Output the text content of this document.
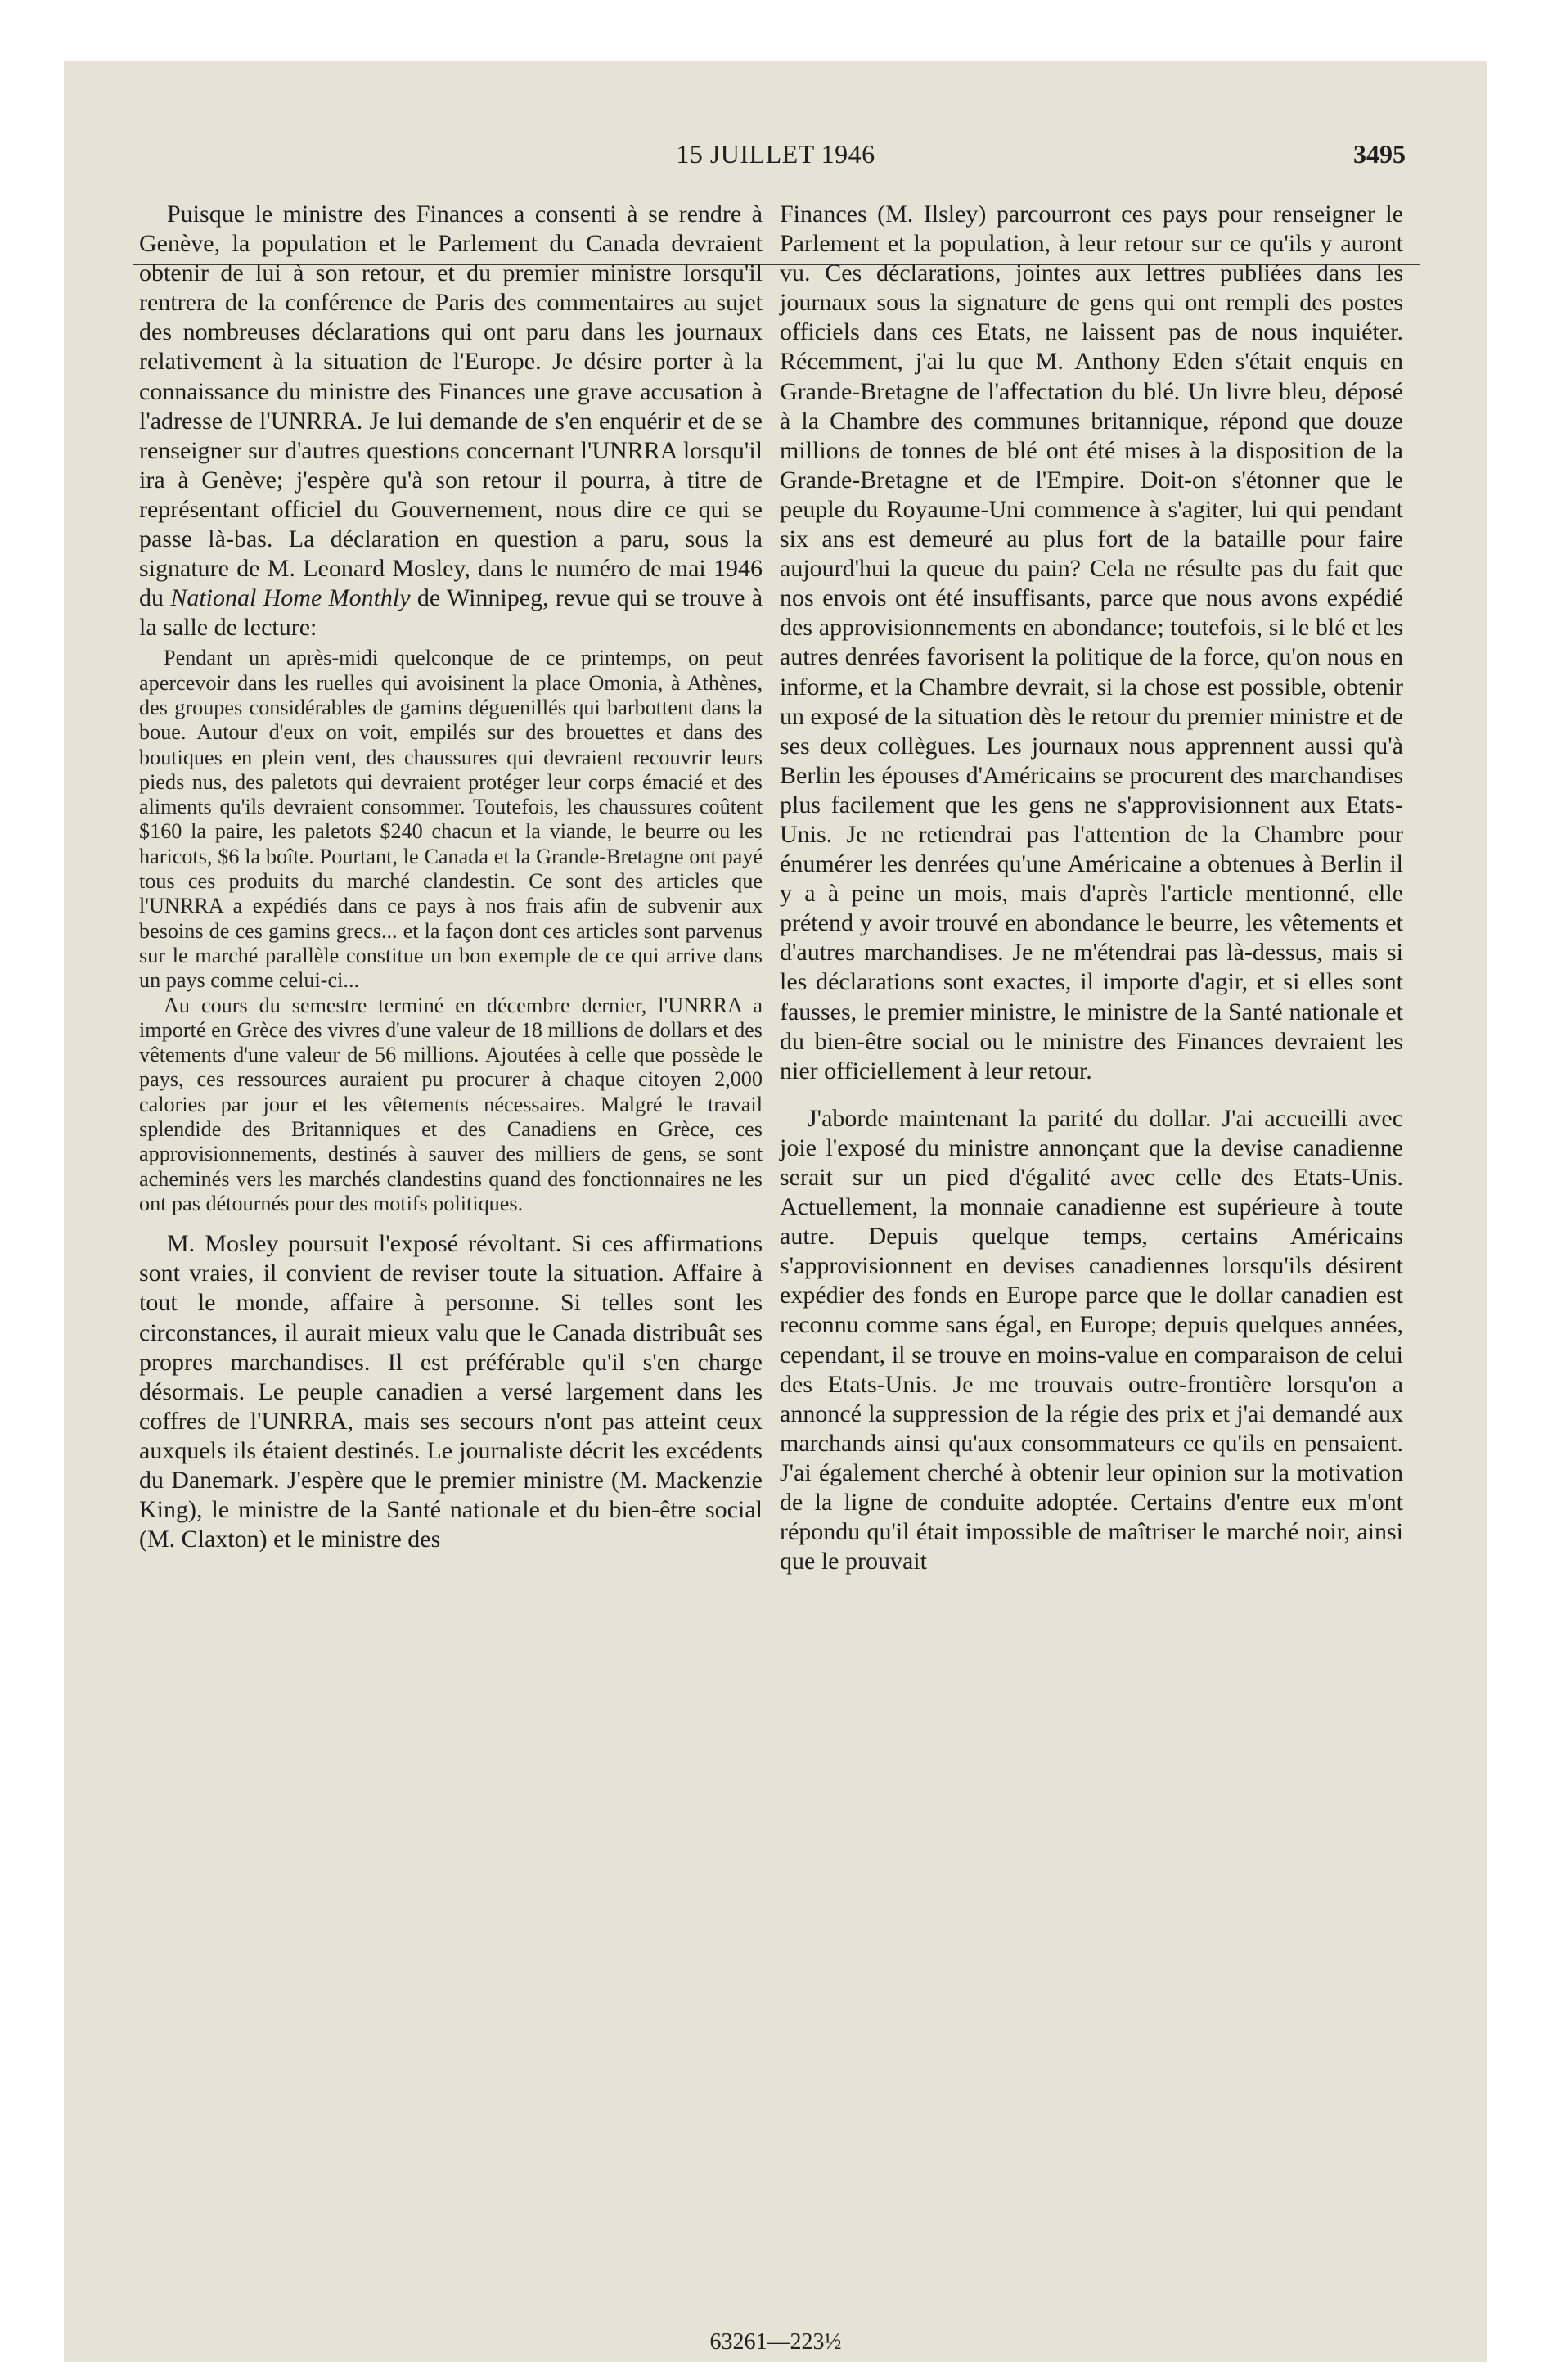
15 JUILLET 1946	3495

Puisque le ministre des Finances a consenti à se rendre à Genève, la population et le Parlement du Canada devraient obtenir de lui à son retour, et du premier ministre lorsqu'il rentrera de la conférence de Paris des commentaires au sujet des nombreuses déclarations qui ont paru dans les journaux relativement à la situation de l'Europe. Je désire porter à la connaissance du ministre des Finances une grave accusation à l'adresse de l'UNRRA. Je lui demande de s'en enquérir et de se renseigner sur d'autres questions concernant l'UNRRA lorsqu'il ira à Genève; j'espère qu'à son retour il pourra, à titre de représentant officiel du Gouvernement, nous dire ce qui se passe là-bas. La déclaration en question a paru, sous la signature de M. Leonard Mosley, dans le numéro de mai 1946 du National Home Monthly de Winnipeg, revue qui se trouve à la salle de lecture:

Pendant un après-midi quelconque de ce printemps, on peut apercevoir dans les ruelles qui avoisinent la place Omonia, à Athènes, des groupes considérables de gamins déguenillés qui barbottent dans la boue. Autour d'eux on voit, empilés sur des brouettes et dans des boutiques en plein vent, des chaussures qui devraient recouvrir leurs pieds nus, des paletots qui devraient protéger leur corps émacié et des aliments qu'ils devraient consommer. Toutefois, les chaussures coûtent $160 la paire, les paletots $240 chacun et la viande, le beurre ou les haricots, $6 la boîte. Pourtant, le Canada et la Grande-Bretagne ont payé tous ces produits du marché clandestin. Ce sont des articles que l'UNRRA a expédiés dans ce pays à nos frais afin de subvenir aux besoins de ces gamins grecs... et la façon dont ces articles sont parvenus sur le marché parallèle constitue un bon exemple de ce qui arrive dans un pays comme celui-ci...

Au cours du semestre terminé en décembre dernier, l'UNRRA a importé en Grèce des vivres d'une valeur de 18 millions de dollars et des vêtements d'une valeur de 56 millions. Ajoutées à celle que possède le pays, ces ressources auraient pu procurer à chaque citoyen 2,000 calories par jour et les vêtements nécessaires. Malgré le travail splendide des Britanniques et des Canadiens en Grèce, ces approvisionnements, destinés à sauver des milliers de gens, se sont acheminés vers les marchés clandestins quand des fonctionnaires ne les ont pas détournés pour des motifs politiques.

M. Mosley poursuit l'exposé révoltant. Si ces affirmations sont vraies, il convient de reviser toute la situation. Affaire à tout le monde, affaire à personne. Si telles sont les circonstances, il aurait mieux valu que le Canada distribuât ses propres marchandises. Il est préférable qu'il s'en charge désormais. Le peuple canadien a versé largement dans les coffres de l'UNRRA, mais ses secours n'ont pas atteint ceux auxquels ils étaient destinés. Le journaliste décrit les excédents du Danemark. J'espère que le premier ministre (M. Mackenzie King), le ministre de la Santé nationale et du bien-être social (M. Claxton) et le ministre des

Finances (M. Ilsley) parcourront ces pays pour renseigner le Parlement et la population, à leur retour sur ce qu'ils y auront vu. Ces déclarations, jointes aux lettres publiées dans les journaux sous la signature de gens qui ont rempli des postes officiels dans ces Etats, ne laissent pas de nous inquiéter. Récemment, j'ai lu que M. Anthony Eden s'était enquis en Grande-Bretagne de l'affectation du blé. Un livre bleu, déposé à la Chambre des communes britannique, répond que douze millions de tonnes de blé ont été mises à la disposition de la Grande-Bretagne et de l'Empire. Doit-on s'étonner que le peuple du Royaume-Uni commence à s'agiter, lui qui pendant six ans est demeuré au plus fort de la bataille pour faire aujourd'hui la queue du pain? Cela ne résulte pas du fait que nos envois ont été insuffisants, parce que nous avons expédié des approvisionnements en abondance; toutefois, si le blé et les autres denrées favorisent la politique de la force, qu'on nous en informe, et la Chambre devrait, si la chose est possible, obtenir un exposé de la situation dès le retour du premier ministre et de ses deux collègues. Les journaux nous apprennent aussi qu'à Berlin les épouses d'Américains se procurent des marchandises plus facilement que les gens ne s'approvisionnent aux Etats-Unis. Je ne retiendrai pas l'attention de la Chambre pour énumérer les denrées qu'une Américaine a obtenues à Berlin il y a à peine un mois, mais d'après l'article mentionné, elle prétend y avoir trouvé en abondance le beurre, les vêtements et d'autres marchandises. Je ne m'étendrai pas là-dessus, mais si les déclarations sont exactes, il importe d'agir, et si elles sont fausses, le premier ministre, le ministre de la Santé nationale et du bien-être social ou le ministre des Finances devraient les nier officiellement à leur retour.

J'aborde maintenant la parité du dollar. J'ai accueilli avec joie l'exposé du ministre annonçant que la devise canadienne serait sur un pied d'égalité avec celle des Etats-Unis. Actuellement, la monnaie canadienne est supérieure à toute autre. Depuis quelque temps, certains Américains s'approvisionnent en devises canadiennes lorsqu'ils désirent expédier des fonds en Europe parce que le dollar canadien est reconnu comme sans égal, en Europe; depuis quelques années, cependant, il se trouve en moins-value en comparaison de celui des Etats-Unis. Je me trouvais outre-frontière lorsqu'on a annoncé la suppression de la régie des prix et j'ai demandé aux marchands ainsi qu'aux consommateurs ce qu'ils en pensaient. J'ai également cherché à obtenir leur opinion sur la motivation de la ligne de conduite adoptée. Certains d'entre eux m'ont répondu qu'il était impossible de maîtriser le marché noir, ainsi que le prouvait

63261—223½
